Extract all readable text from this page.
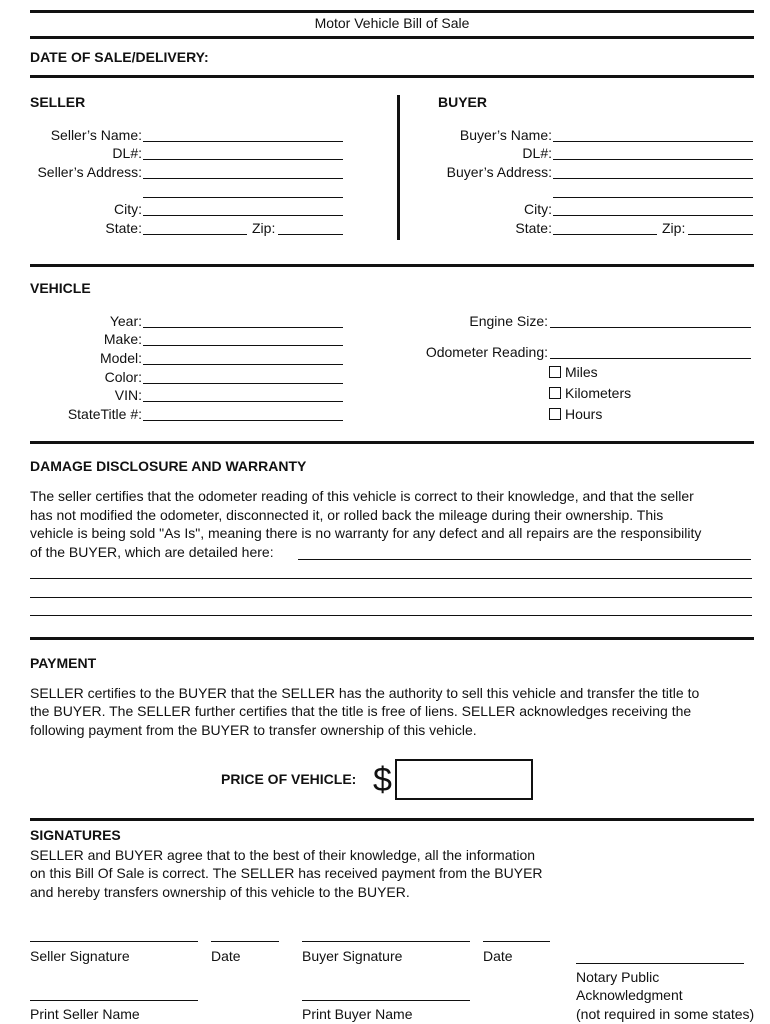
Motor Vehicle Bill of Sale
DATE OF SALE/DELIVERY:
SELLER
Seller’s Name:
DL#:
Seller’s Address:
City:
State:	Zip:
BUYER
Buyer’s Name:
DL#:
Buyer’s Address:
City:
State:	Zip:
VEHICLE
Year:
Make:
Model:
Color:
VIN:
StateTitle #:
Engine Size:
Odometer Reading:
Miles
Kilometers
Hours
DAMAGE DISCLOSURE AND WARRANTY
The seller certifies that the odometer reading of this vehicle is correct to their knowledge, and that the seller
has not modified the odometer, disconnected it, or rolled back the mileage during their ownership. This
vehicle is being sold "As Is", meaning there is no warranty for any defect and all repairs are the responsibility
of the BUYER, which are detailed here:
PAYMENT
SELLER certifies to the BUYER that the SELLER has the authority to sell this vehicle and transfer the title to
the BUYER. The SELLER further certifies that the title is free of liens. SELLER acknowledges receiving the
following payment from the BUYER to transfer ownership of this vehicle.
PRICE OF VEHICLE: $
SIGNATURES
SELLER and BUYER agree that to the best of their knowledge, all the information
on this Bill Of Sale is correct. The SELLER has received payment from the BUYER
and hereby transfers ownership of this vehicle to the BUYER.
Seller Signature	Date	Buyer Signature	Date
Notary Public
Acknowledgment
(not required in some states)
Print Seller Name	Print Buyer Name
